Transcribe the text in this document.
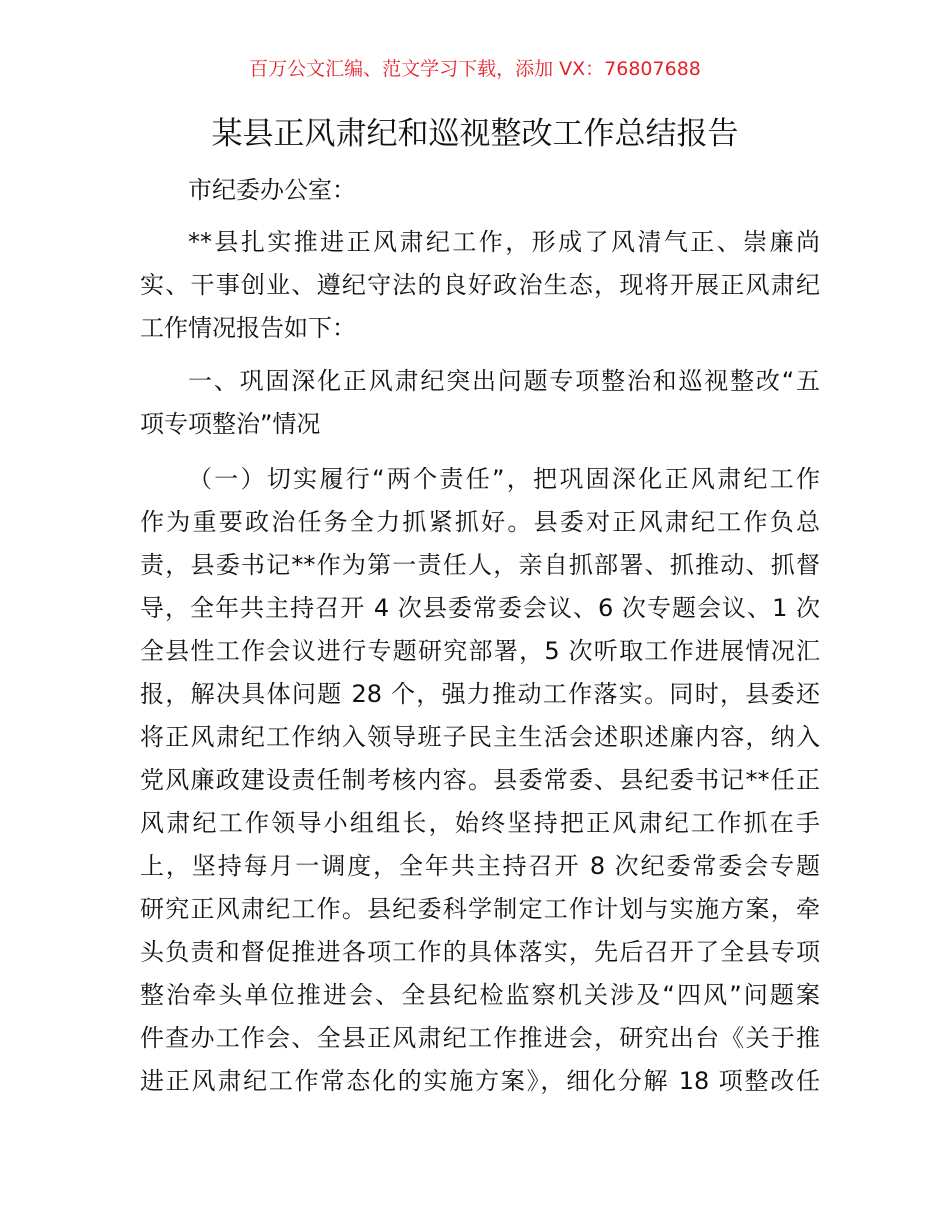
百万公文汇编、范文学习下载，添加 VX：76807688
某县正风肃纪和巡视整改工作总结报告
市纪委办公室：
**县扎实推进正风肃纪工作，形成了风清气正、崇廉尚
实、干事创业、遵纪守法的良好政治生态，现将开展正风肃纪
工作情况报告如下：
一、巩固深化正风肃纪突出问题专项整治和巡视整改“五
项专项整治”情况
（一）切实履行“两个责任”，把巩固深化正风肃纪工作
作为重要政治任务全力抓紧抓好。县委对正风肃纪工作负总
责，县委书记**作为第一责任人，亲自抓部署、抓推动、抓督
导，全年共主持召开 4 次县委常委会议、6 次专题会议、1 次
全县性工作会议进行专题研究部署，5 次听取工作进展情况汇
报，解决具体问题 28 个，强力推动工作落实。同时，县委还
将正风肃纪工作纳入领导班子民主生活会述职述廉内容，纳入
党风廉政建设责任制考核内容。县委常委、县纪委书记**任正
风肃纪工作领导小组组长，始终坚持把正风肃纪工作抓在手
上，坚持每月一调度，全年共主持召开 8 次纪委常委会专题
研究正风肃纪工作。县纪委科学制定工作计划与实施方案，牵
头负责和督促推进各项工作的具体落实，先后召开了全县专项
整治牵头单位推进会、全县纪检监察机关涉及“四风”问题案
件查办工作会、全县正风肃纪工作推进会，研究出台《关于推
进正风肃纪工作常态化的实施方案》，细化分解 18 项整改任
